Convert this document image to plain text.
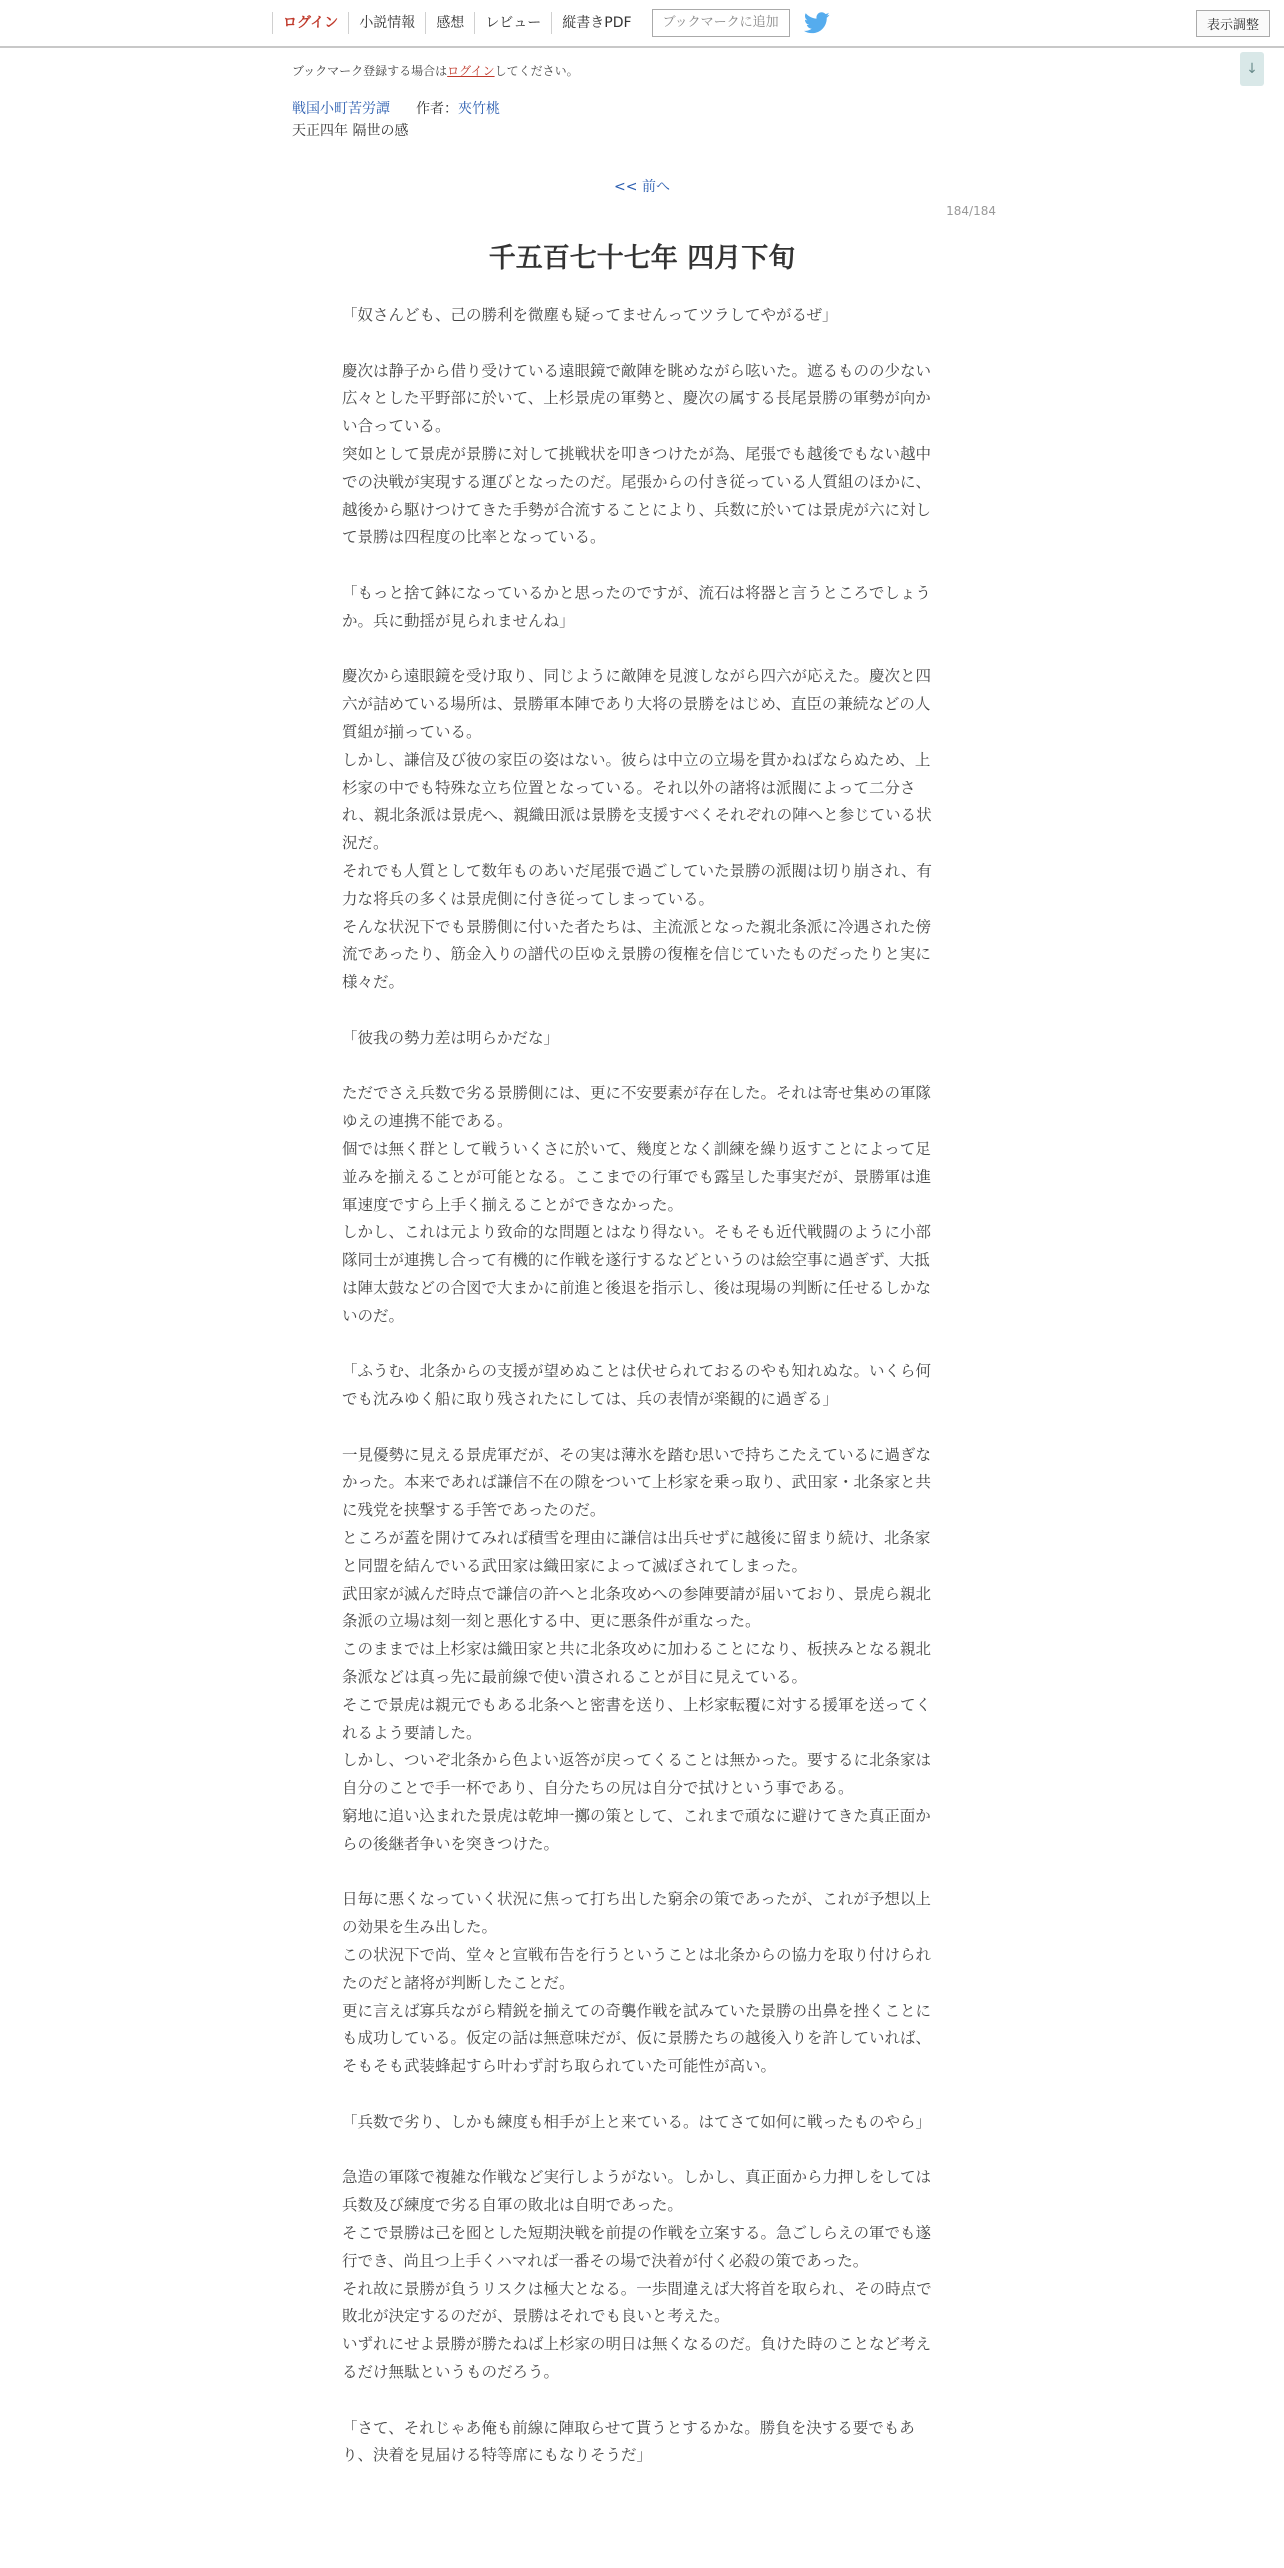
ログイン	小説情報	感想	レビュー	縦書きPDF	ブックマークに追加	表示調整
↓
ブックマーク登録する場合はログインしてください。
戦国小町苦労譚 作者：夾竹桃
天正四年 隔世の感
<< 前へ
184/184
千五百七十七年 四月下旬
「奴さんども、己の勝利を微塵も疑ってませんってツラしてやがるぜ」
慶次は静子から借り受けている遠眼鏡で敵陣を眺めながら呟いた。遮るものの少ない広々とした平野部に於いて、上杉景虎の軍勢と、慶次の属する長尾景勝の軍勢が向かい合っている。
突如として景虎が景勝に対して挑戦状を叩きつけたが為、尾張でも越後でもない越中での決戦が実現する運びとなったのだ。尾張からの付き従っている人質組のほかに、越後から駆けつけてきた手勢が合流することにより、兵数に於いては景虎が六に対して景勝は四程度の比率となっている。
「もっと捨て鉢になっているかと思ったのですが、流石は将器と言うところでしょうか。兵に動揺が見られませんね」
慶次から遠眼鏡を受け取り、同じように敵陣を見渡しながら四六が応えた。慶次と四六が詰めている場所は、景勝軍本陣であり大将の景勝をはじめ、直臣の兼続などの人質組が揃っている。
しかし、謙信及び彼の家臣の姿はない。彼らは中立の立場を貫かねばならぬため、上杉家の中でも特殊な立ち位置となっている。それ以外の諸将は派閥によって二分され、親北条派は景虎へ、親織田派は景勝を支援すべくそれぞれの陣へと参じている状況だ。
それでも人質として数年ものあいだ尾張で過ごしていた景勝の派閥は切り崩され、有力な将兵の多くは景虎側に付き従ってしまっている。
そんな状況下でも景勝側に付いた者たちは、主流派となった親北条派に冷遇された傍流であったり、筋金入りの譜代の臣ゆえ景勝の復権を信じていたものだったりと実に様々だ。
「彼我の勢力差は明らかだな」
ただでさえ兵数で劣る景勝側には、更に不安要素が存在した。それは寄せ集めの軍隊ゆえの連携不能である。
個では無く群として戦ういくさに於いて、幾度となく訓練を繰り返すことによって足並みを揃えることが可能となる。ここまでの行軍でも露呈した事実だが、景勝軍は進軍速度ですら上手く揃えることができなかった。
しかし、これは元より致命的な問題とはなり得ない。そもそも近代戦闘のように小部隊同士が連携し合って有機的に作戦を遂行するなどというのは絵空事に過ぎず、大抵は陣太鼓などの合図で大まかに前進と後退を指示し、後は現場の判断に任せるしかないのだ。
「ふうむ、北条からの支援が望めぬことは伏せられておるのやも知れぬな。いくら何でも沈みゆく船に取り残されたにしては、兵の表情が楽観的に過ぎる」
一見優勢に見える景虎軍だが、その実は薄氷を踏む思いで持ちこたえているに過ぎなかった。本来であれば謙信不在の隙をついて上杉家を乗っ取り、武田家・北条家と共に残党を挟撃する手筈であったのだ。
ところが蓋を開けてみれば積雪を理由に謙信は出兵せずに越後に留まり続け、北条家と同盟を結んでいる武田家は織田家によって滅ぼされてしまった。
武田家が滅んだ時点で謙信の許へと北条攻めへの参陣要請が届いており、景虎ら親北条派の立場は刻一刻と悪化する中、更に悪条件が重なった。
このままでは上杉家は織田家と共に北条攻めに加わることになり、板挟みとなる親北条派などは真っ先に最前線で使い潰されることが目に見えている。
そこで景虎は親元でもある北条へと密書を送り、上杉家転覆に対する援軍を送ってくれるよう要請した。
しかし、ついぞ北条から色よい返答が戻ってくることは無かった。要するに北条家は自分のことで手一杯であり、自分たちの尻は自分で拭けという事である。
窮地に追い込まれた景虎は乾坤一擲の策として、これまで頑なに避けてきた真正面からの後継者争いを突きつけた。
日毎に悪くなっていく状況に焦って打ち出した窮余の策であったが、これが予想以上の効果を生み出した。
この状況下で尚、堂々と宣戦布告を行うということは北条からの協力を取り付けられたのだと諸将が判断したことだ。
更に言えば寡兵ながら精鋭を揃えての奇襲作戦を試みていた景勝の出鼻を挫くことにも成功している。仮定の話は無意味だが、仮に景勝たちの越後入りを許していれば、そもそも武装蜂起すら叶わず討ち取られていた可能性が高い。
「兵数で劣り、しかも練度も相手が上と来ている。はてさて如何に戦ったものやら」
急造の軍隊で複雑な作戦など実行しようがない。しかし、真正面から力押しをしては兵数及び練度で劣る自軍の敗北は自明であった。
そこで景勝は己を囮とした短期決戦を前提の作戦を立案する。急ごしらえの軍でも遂行でき、尚且つ上手くハマれば一番その場で決着が付く必殺の策であった。
それ故に景勝が負うリスクは極大となる。一歩間違えば大将首を取られ、その時点で敗北が決定するのだが、景勝はそれでも良いと考えた。
いずれにせよ景勝が勝たねば上杉家の明日は無くなるのだ。負けた時のことなど考えるだけ無駄というものだろう。
「さて、それじゃあ俺も前線に陣取らせて貰うとするかな。勝負を決する要でもあり、決着を見届ける特等席にもなりそうだ」
